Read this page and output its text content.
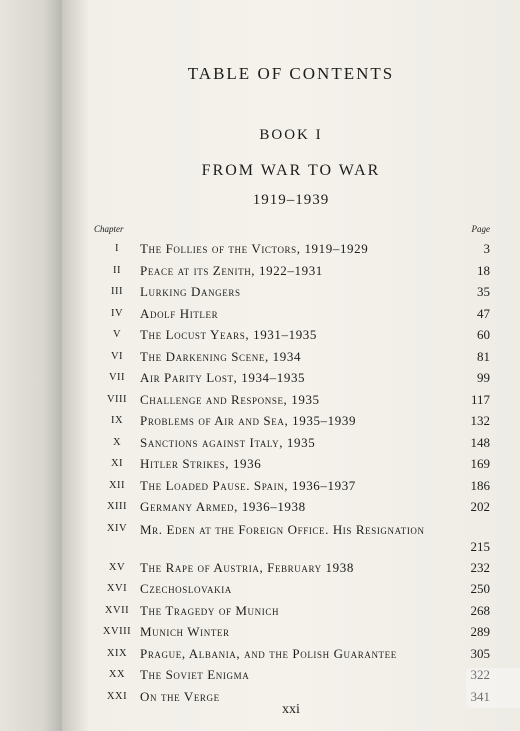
TABLE OF CONTENTS
BOOK I
FROM WAR TO WAR
1919–1939
Chapter	Page
I	The Follies of the Victors, 1919–1929	3
II	Peace at its Zenith, 1922–1931	18
III	Lurking Dangers	35
IV	Adolf Hitler	47
V	The Locust Years, 1931–1935	60
VI	The Darkening Scene, 1934	81
VII	Air Parity Lost, 1934–1935	99
VIII Challenge and Response, 1935	117
IX	Problems of Air and Sea, 1935–1939	132
X	Sanctions against Italy, 1935	148
XI	Hitler Strikes, 1936	169
XII	The Loaded Pause. Spain, 1936–1937	186
XIII Germany Armed, 1936–1938	202
XIV Mr. Eden at the Foreign Office. His Resignation
215
XV	The Rape of Austria, February 1938	232
XVI Czechoslovakia	250
XVII The Tragedy of Munich	268
XVIII Munich Winter	289
XIX Prague, Albania, and the Polish Guarantee	305
XX	The Soviet Enigma	322
XXI On the Verge	341
xxi
